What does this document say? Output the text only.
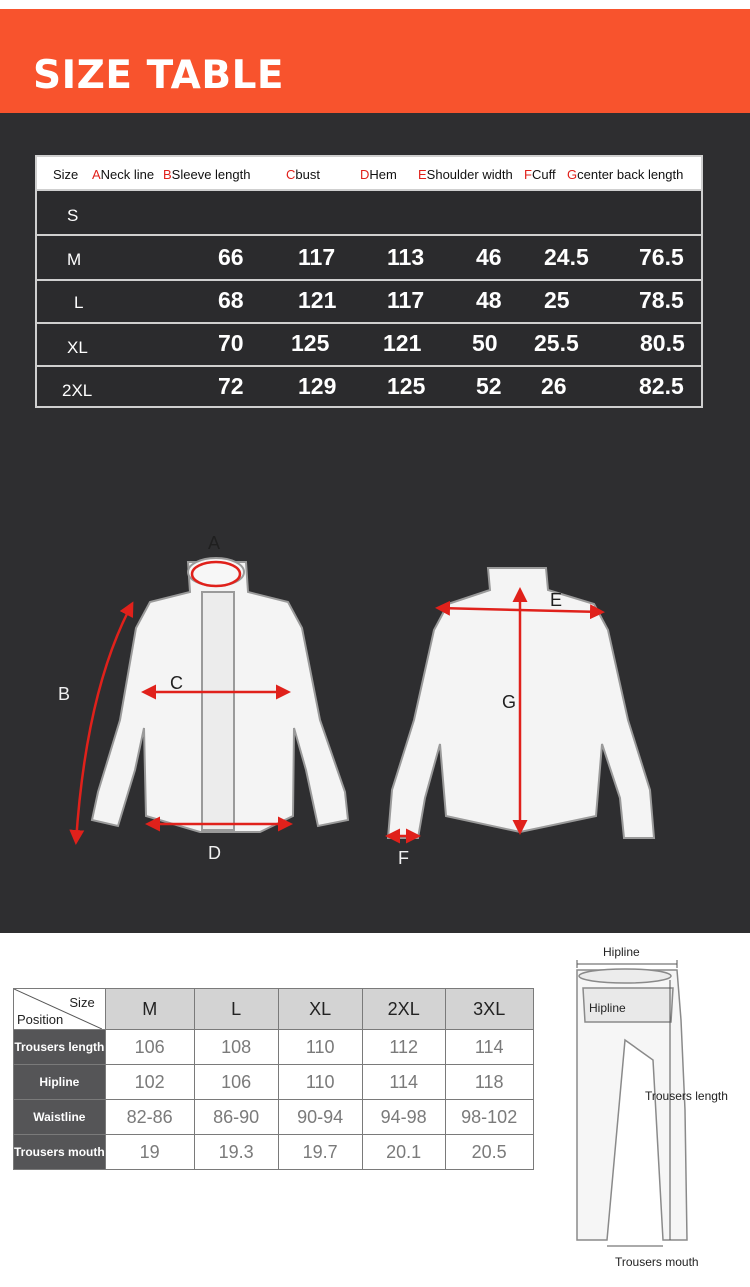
SIZE TABLE
Size ANeck line BSleeve length	Cbust	DHem EShoulder width FCuff Gcenter back length
S
M	66 117 113 46 24.5 76.5
L	68 121 117 48 25	78.5
XL	70 125 121 50 25.5	80.5
2XL	72 129 125 52 26	82.5
A
B
C
D
E
F
G
Size
Position	M	L	XL	2XL	3XL
Trousers length	106	108	110	112	114
Hipline	102	106	110	114	118
Waistline	82-86	86-90	90-94	94-98	98-102
Trousers mouth	19	19.3	19.7	20.1	20.5
Hipline
Hipline
Trousers length
Trousers mouth
